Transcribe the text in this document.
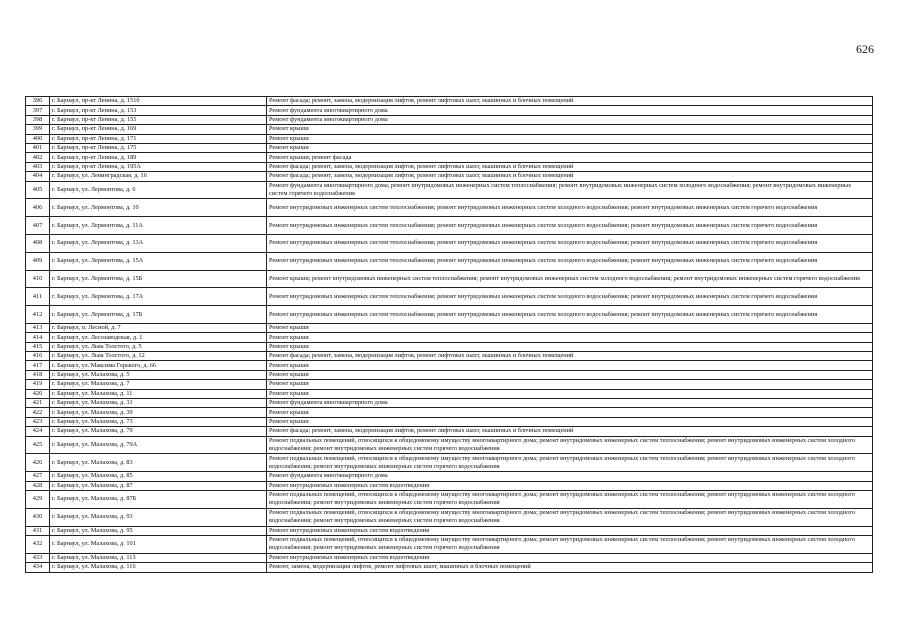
626
396	г. Барнаул, пр-кт Ленина, д. 151б	Ремонт фасада; ремонт, замена, модернизация лифтов, ремонт лифтовых шахт, машинных и блочных помещений
397	г. Барнаул, пр-кт Ленина, д. 153	Ремонт фундамента многоквартирного дома
398	г. Барнаул, пр-кт Ленина, д. 155	Ремонт фундамента многоквартирного дома
399	г. Барнаул, пр-кт Ленина, д. 169	Ремонт крыши
400	г. Барнаул, пр-кт Ленина, д. 171	Ремонт крыши
401	г. Барнаул, пр-кт Ленина, д. 175	Ремонт крыши
402	г. Барнаул, пр-кт Ленина, д. 189	Ремонт крыши; ремонт фасада
403	г. Барнаул, пр-кт Ленина, д. 195А	Ремонт фасада; ремонт, замена, модернизация лифтов, ремонт лифтовых шахт, машинных и блочных помещений
404	г. Барнаул, ул. Ленинградская, д. 16	Ремонт фасада; ремонт, замена, модернизация лифтов, ремонт лифтовых шахт, машинных и блочных помещений
405	г. Барнаул, ул. Лермонтова, д. 6	Ремонт фундамента многоквартирного дома; ремонт внутридомовых инженерных систем теплоснабжения; ремонт внутридомовых инженерных систем холодного водоснабжения; ремонт внутридомовых инженерных систем горячего водоснабжения
406	г. Барнаул, ул. Лермонтова, д. 10	Ремонт внутридомовых инженерных систем теплоснабжения; ремонт внутридомовых инженерных систем холодного водоснабжения; ремонт внутридомовых инженерных систем горячего водоснабжения
407	г. Барнаул, ул. Лермонтова, д. 11А	Ремонт внутридомовых инженерных систем теплоснабжения; ремонт внутридомовых инженерных систем холодного водоснабжения; ремонт внутридомовых инженерных систем горячего водоснабжения
408	г. Барнаул, ул. Лермонтова, д. 13А	Ремонт внутридомовых инженерных систем теплоснабжения; ремонт внутридомовых инженерных систем холодного водоснабжения; ремонт внутридомовых инженерных систем горячего водоснабжения
409	г. Барнаул, ул. Лермонтова, д. 15А	Ремонт внутридомовых инженерных систем теплоснабжения; ремонт внутридомовых инженерных систем холодного водоснабжения; ремонт внутридомовых инженерных систем горячего водоснабжения
410	г. Барнаул, ул. Лермонтова, д. 15Б	Ремонт крыши; ремонт внутридомовых инженерных систем теплоснабжения; ремонт внутридомовых инженерных систем холодного водоснабжения; ремонт внутридомовых инженерных систем горячего водоснабжения
411	г. Барнаул, ул. Лермонтова, д. 17А	Ремонт внутридомовых инженерных систем теплоснабжения; ремонт внутридомовых инженерных систем холодного водоснабжения; ремонт внутридомовых инженерных систем горячего водоснабжения
412	г. Барнаул, ул. Лермонтова, д. 17Б	Ремонт внутридомовых инженерных систем теплоснабжения; ремонт внутридомовых инженерных систем холодного водоснабжения; ремонт внутридомовых инженерных систем горячего водоснабжения
413	г. Барнаул, п. Лесной, д. 7	Ремонт крыши
414	г. Барнаул, ул. Лесозаводская, д. 1	Ремонт крыши
415	г. Барнаул, ул. Льва Толстого, д. 5	Ремонт крыши
416	г. Барнаул, ул. Льва Толстого, д. 12	Ремонт фасада; ремонт, замена, модернизация лифтов, ремонт лифтовых шахт, машинных и блочных помещений
417	г. Барнаул, ул. Максима Горького, д. 66	Ремонт крыши
418	г. Барнаул, ул. Малахова, д. 5	Ремонт крыши
419	г. Барнаул, ул. Малахова, д. 7	Ремонт крыши
420	г. Барнаул, ул. Малахова, д. 11	Ремонт крыши
421	г. Барнаул, ул. Малахова, д. 31	Ремонт фундамента многоквартирного дома
422	г. Барнаул, ул. Малахова, д. 39	Ремонт крыши
423	г. Барнаул, ул. Малахова, д. 73	Ремонт крыши
424	г. Барнаул, ул. Малахова, д. 79	Ремонт фасада; ремонт, замена, модернизация лифтов, ремонт лифтовых шахт, машинных и блочных помещений
425	г. Барнаул, ул. Малахова, д. 79А	Ремонт подвальных помещений, относящихся к общедомовому имуществу многоквартирного дома; ремонт внутридомовых инженерных систем теплоснабжения; ремонт внутридомовых инженерных систем холодного водоснабжения; ремонт внутридомовых инженерных систем горячего водоснабжения
426	г. Барнаул, ул. Малахова, д. 83	Ремонт подвальных помещений, относящихся к общедомовому имуществу многоквартирного дома; ремонт внутридомовых инженерных систем теплоснабжения; ремонт внутридомовых инженерных систем холодного водоснабжения; ремонт внутридомовых инженерных систем горячего водоснабжения
427	г. Барнаул, ул. Малахова, д. 85	Ремонт фундамента многоквартирного дома
428	г. Барнаул, ул. Малахова, д. 87	Ремонт внутридомовых инженерных систем водоотведения
429	г. Барнаул, ул. Малахова, д. 87Б	Ремонт подвальных помещений, относящихся к общедомовому имуществу многоквартирного дома; ремонт внутридомовых инженерных систем теплоснабжения; ремонт внутридомовых инженерных систем холодного водоснабжения; ремонт внутридомовых инженерных систем горячего водоснабжения
430	г. Барнаул, ул. Малахова, д. 93	Ремонт подвальных помещений, относящихся к общедомовому имуществу многоквартирного дома; ремонт внутридомовых инженерных систем теплоснабжения; ремонт внутридомовых инженерных систем холодного водоснабжения; ремонт внутридомовых инженерных систем горячего водоснабжения
431	г. Барнаул, ул. Малахова, д. 95	Ремонт внутридомовых инженерных систем водоотведения
432	г. Барнаул, ул. Малахова, д. 101	Ремонт подвальных помещений, относящихся к общедомовому имуществу многоквартирного дома; ремонт внутридомовых инженерных систем теплоснабжения; ремонт внутридомовых инженерных систем холодного водоснабжения; ремонт внутридомовых инженерных систем горячего водоснабжения
433	г. Барнаул, ул. Малахова, д. 113	Ремонт внутридомовых инженерных систем водоотведения
434	г. Барнаул, ул. Малахова, д. 116	Ремонт, замена, модернизация лифтов, ремонт лифтовых шахт, машинных и блочных помещений
